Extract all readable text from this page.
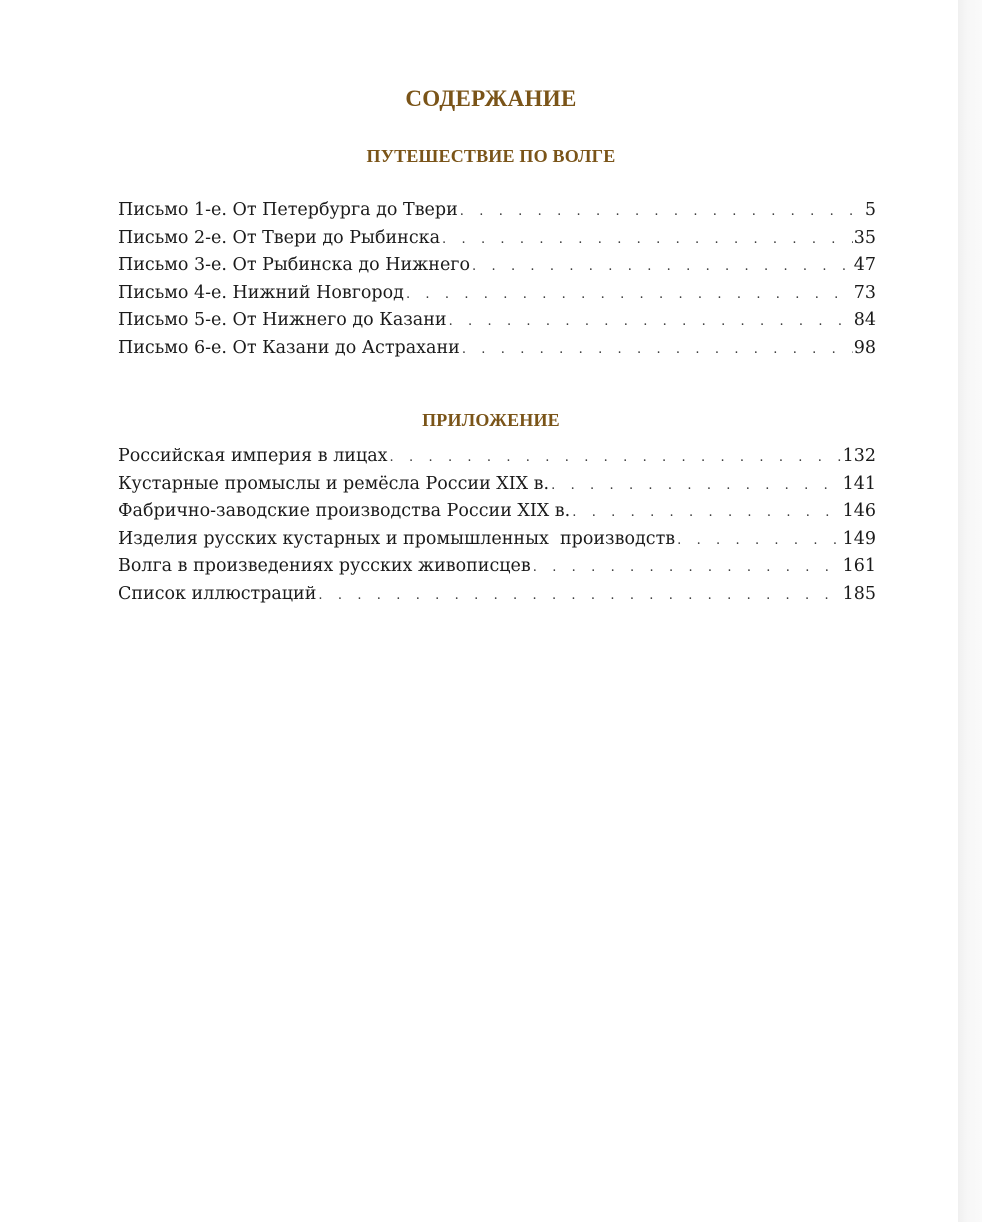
СОДЕРЖАНИЕ
ПУТЕШЕСТВИЕ ПО ВОЛГЕ
Письмо 1-е. От Петербурга до Твери . . .	5
Письмо 2-е. От Твери до Рыбинска . . .	35
Письмо 3-е. От Рыбинска до Нижнего . . .	47
Письмо 4-е. Нижний Новгород . . .	73
Письмо 5-е. От Нижнего до Казани . . .	84
Письмо 6-е. От Казани до Астрахани . . .	98
ПРИЛОЖЕНИЕ
Российская империя в лицах . . .	132
Кустарные промыслы и ремёсла России XIX в. . . .	141
Фабрично-заводские производства России XIX в. . . .	146
Изделия русских кустарных и промышленных  производств . . .	149
Волга в произведениях русских живописцев . . .	161
Список иллюстраций . . .	185
